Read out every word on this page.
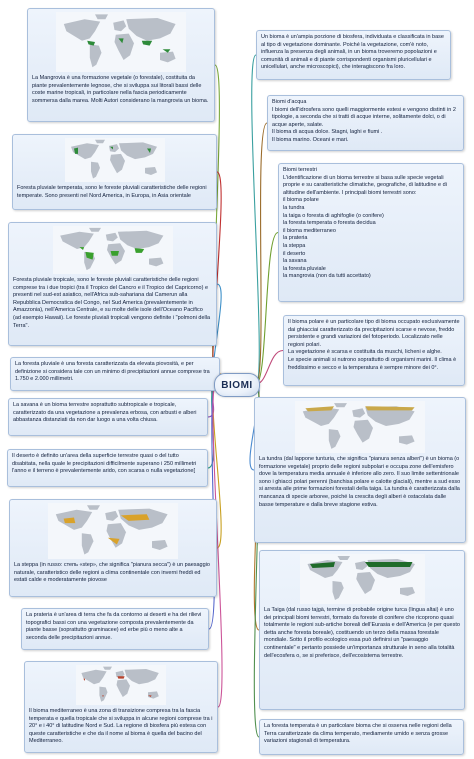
La Mangrovia è una formazione vegetale (o forestale), costituita da piante prevalentemente legnose, che si sviluppa sui litorali bassi delle coste marine tropicali, in particolare nella fascia periodicamente sommersa dalla marea. Molti Autori considerano la mangrovia un bioma.
Foresta pluviale temperata, sono le foreste pluviali caratteristiche delle regioni temperate. Sono presenti nel Nord America, in Europa, in Asia orientale
Foresta pluviale tropicale, sono le foreste pluviali caratteristiche delle regioni comprese tra i due tropici (tra il Tropico del Cancro e il Tropico del Capricorno) e presenti nel sud-est asiatico, nell'Africa sub-sahariana dal Camerun alla Repubblica Democratica del Congo, nel Sud America (prevalentemente in Amazzonia), nell'America Centrale, e su molte delle isole dell'Oceano Pacifico (ad esempio Hawaii). Le foreste pluviali tropicali vengono definite i "polmoni della Terra".
La foresta pluviale è una foresta caratterizzata da elevata piovosità, e per definizione si considera tale con un minimo di precipitazioni annue comprese tra 1.750 e 2.000 millimetri.
La savana è un bioma terrestre soprattutto subtropicale e tropicale, caratterizzato da una vegetazione a prevalenza erbosa, con arbusti e alberi abbastanza distanziati da non dar luogo a una volta chiusa.
Il deserto è definito un'area della superficie terrestre quasi o del tutto disabitata, nella quale le precipitazioni difficilmente superano i 250 millimetri l'anno e il terreno è prevalentemente arido, con scarsa o nulla vegetazione[
La steppa (in russo: степь «step», che significa "pianura secca") è un paesaggio naturale, caratteristico delle regioni a clima continentale con inverni freddi ed estati calde e moderatamente piovose
La prateria è un'area di terra che fa da contorno ai deserti e ha dei rilievi topografici bassi con una vegetazione composta prevalentemente da piante basse (soprattutto graminacee) ed erbe più o meno alte a seconda delle precipitazioni annue.
Il bioma mediterraneo è una zona di transizione compresa tra la fascia temperata e quella tropicale che si sviluppa in alcune regioni comprese tra i 20° e i 40° di latitudine Nord e Sud. La regione di biosfera più estesa con queste caratteristiche e che da il nome al bioma è quella del bacino del Mediterraneo.
Un bioma è un'ampia porzione di biosfera, individuata e classificata in base al tipo di vegetazione dominante. Poiché la vegetazione, com'è noto, influenza la presenza degli animali, in un bioma troveremo popolazioni e comunità di animali e di piante corrispondenti organismi pluricellulari e unicellulari, anche microscopici), che interagiscono fra loro.
Biomi d'acqua
I biomi dell'idrosfera sono quelli maggiormente estesi e vengono distinti in 2 tipologie, a seconda che si tratti di acque interne, solitamente dolci, o di acque aperte, salate.
Il bioma di acqua dolce. Stagni, laghi e fiumi .
Il bioma marino. Oceani e mari.
Biomi terrestri
L'identificazione di un bioma terrestre si basa sulle specie vegetali proprie e su caratteristiche climatiche, geografiche, di latitudine e di altitudine dell'ambiente. I principali biomi terrestri sono:
il bioma polare
la tundra
la taiga o foresta di aghifoglie (o conifere)
la foresta temperata o foresta decidua
il bioma mediterraneo
la prateria
la steppa
il deserto
la savana
la foresta pluviale
la mangrovia (non da tutti accettato)
Il bioma polare è un particolare tipo di bioma occupato esclusivamente dai ghiacciai caratterizzato da precipitazioni scarse e nevose, freddo persistente e grandi variazioni del fotoperiodo. Localizzato nelle regioni polari.
La vegetazione è scarsa e costituita da muschi, licheni e alghe.
Le specie animali si nutrono soprattutto di organismi marini. Il clima è freddissimo e secco e la temperatura è sempre minore dei 0°.
La tundra (dal lappone tunturia, che significa "pianura senza alberi") è un bioma (o formazione vegetale) proprio delle regioni subpolari e occupa zone dell'emisfero dove la temperatura media annuale è inferiore allo zero. Il suo limite settentrionale sono i ghiacci polari perenni (banchisa polare e calotte glaciali), mentre a sud esso si arresta alle prime formazioni forestali della taiga. La tundra è caratterizzata dalla mancanza di specie arboree, poiché la crescita degli alberi è ostacolata dalle basse temperature e dalla breve stagione estiva.
La Taiga (dal russo tajgà, termine di probabile origine turca (lingua altai) è uno dei principali biomi terrestri, formato da foreste di conifere che ricoprono quasi totalmente le regioni sub-artiche boreali dell'Eurasia e dell'America (e per questo detta anche foresta boreale), costituendo un terzo della massa forestale mondiale. Sotto il profilo ecologico essa può definirsi un "paesaggio continentale" e pertanto possiede un'importanza strutturale in seno alla totalità dell'ecosfera o, se si preferisce, dell'ecosistema terrestre.
La foresta temperata è un particolare bioma che si osserva nelle regioni della Terra caratterizzate da clima temperato, mediamente umido e senza grosse variazioni stagionali di temperatura.
BIOMI
